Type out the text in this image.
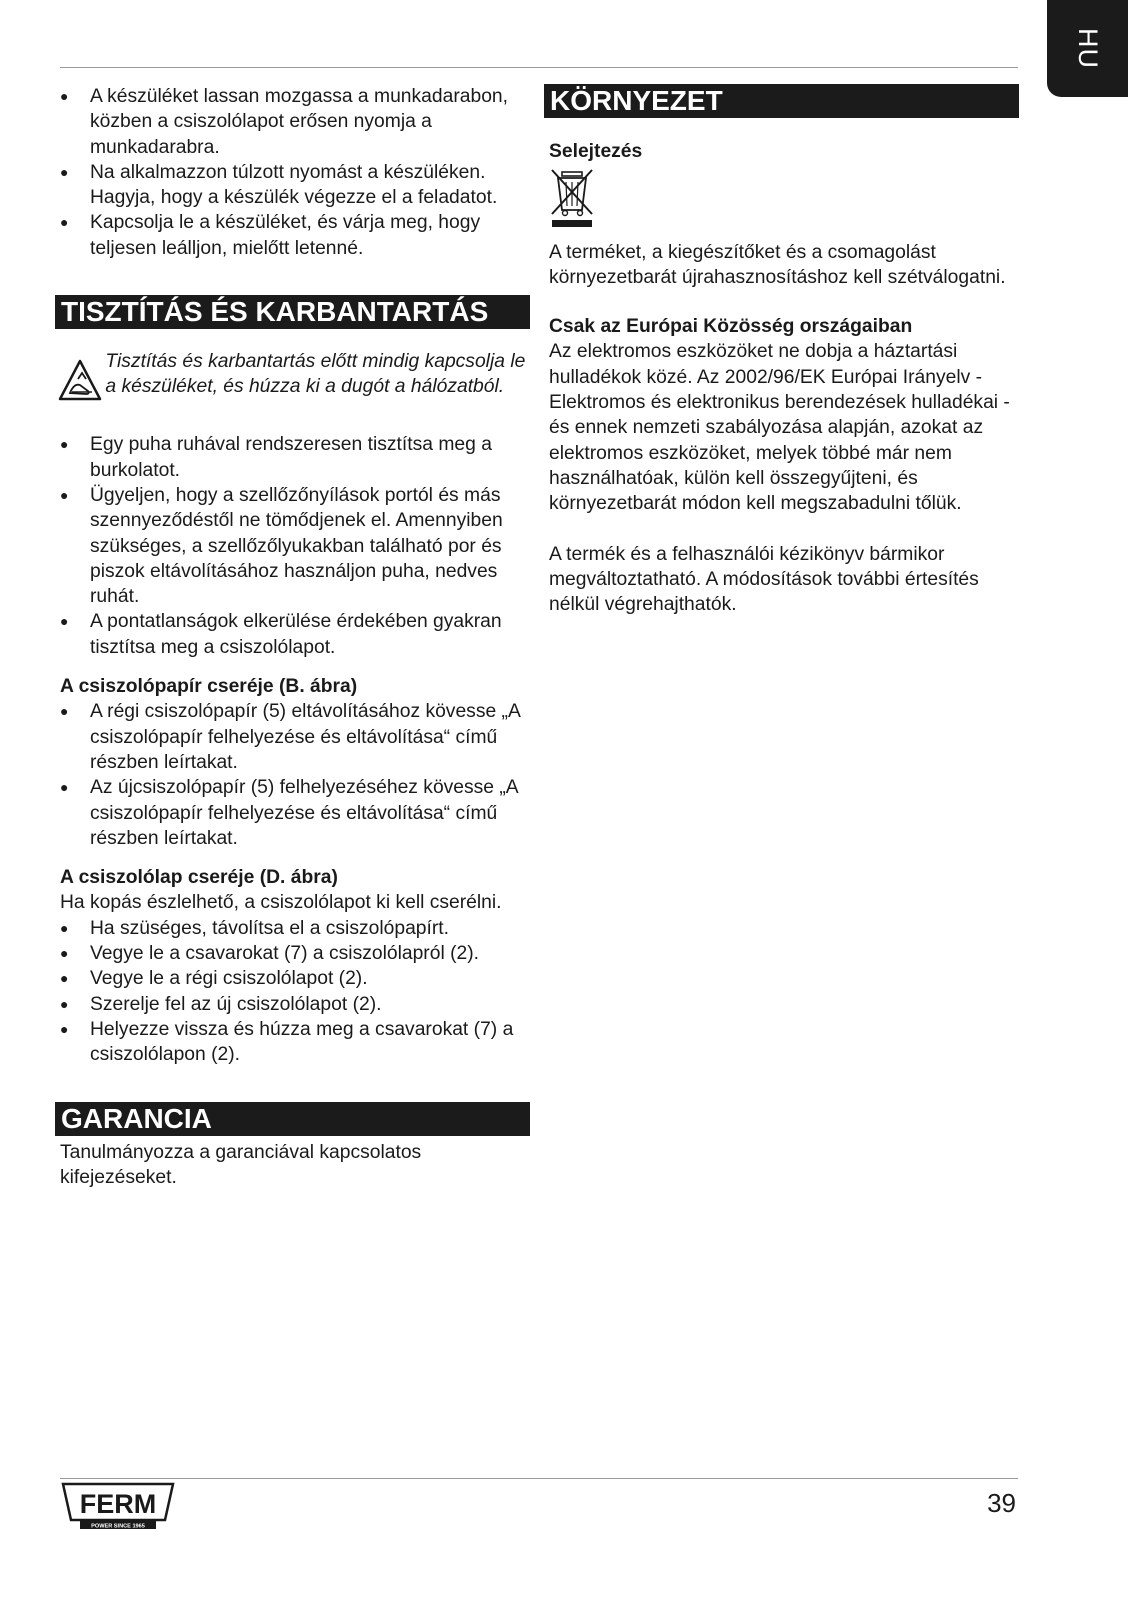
HU
● A készüléket lassan mozgassa a munkadarabon, közben a csiszolólapot erősen nyomja a munkadarabra.
● Na alkalmazzon túlzott nyomást a készüléken. Hagyja, hogy a készülék végezze el a feladatot.
● Kapcsolja le a készüléket, és várja meg, hogy teljesen leálljon, mielőtt letenné.
TISZTÍTÁS ÉS KARBANTARTÁS
Tisztítás és karbantartás előtt mindig kapcsolja le a készüléket, és húzza ki a dugót a hálózatból.
● Egy puha ruhával rendszeresen tisztítsa meg a burkolatot.
● Ügyeljen, hogy a szellőzőnyílások portól és más szennyeződéstől ne tömődjenek el. Amennyiben szükséges, a szellőzőlyukakban található por és piszok eltávolításához használjon puha, nedves ruhát.
● A pontatlanságok elkerülése érdekében gyakran tisztítsa meg a csiszolólapot.
A csiszolópapír cseréje (B. ábra)
● A régi csiszolópapír (5) eltávolításához kövesse „A csiszolópapír felhelyezése és eltávolítása“ című részben leírtakat.
● Az újcsiszolópapír (5) felhelyezéséhez kövesse „A csiszolópapír felhelyezése és eltávolítása“ című részben leírtakat.
A csiszolólap cseréje (D. ábra)
Ha kopás észlelhető, a csiszolólapot ki kell cserélni.
● Ha szüséges, távolítsa el a csiszolópapírt.
● Vegye le a csavarokat (7) a csiszolólapról (2).
● Vegye le a régi csiszolólapot (2).
● Szerelje fel az új csiszolólapot (2).
● Helyezze vissza és húzza meg a csavarokat (7) a csiszolólapon (2).
GARANCIA
Tanulmányozza a garanciával kapcsolatos kifejezéseket.
KÖRNYEZET
Selejtezés
A terméket, a kiegészítőket és a csomagolást környezetbarát újrahasznosításhoz kell szétválogatni.
Csak az Európai Közösség országaiban
Az elektromos eszközöket ne dobja a háztartási hulladékok közé. Az 2002/96/EK Európai Irányelv - Elektromos és elektronikus berendezések hulladékai - és ennek nemzeti szabályozása alapján, azokat az elektromos eszközöket, melyek többé már nem használhatóak, külön kell összegyűjteni, és környezetbarát módon kell megszabadulni tőlük.
A termék és a felhasználói kézikönyv bármikor megváltoztatható. A módosítások további értesítés nélkül végrehajthatók.
FERM
POWER SINCE 1965
39
